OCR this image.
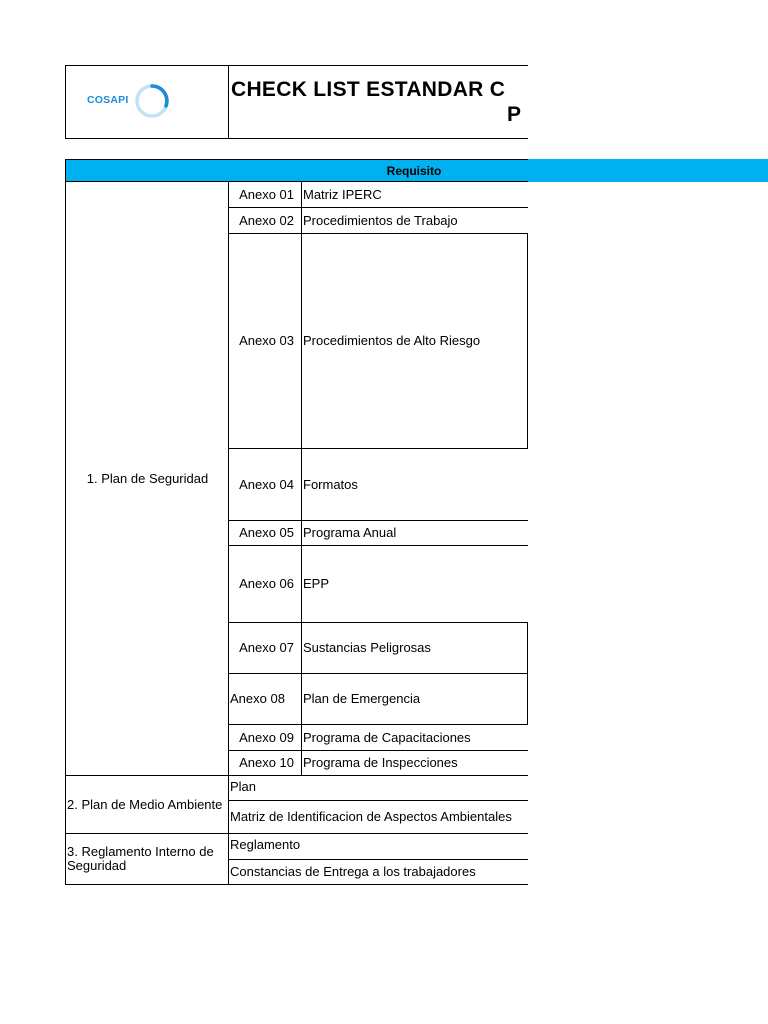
COSAPI	CHECK LIST ESTANDAR C
P
Requisito
1. Plan de Seguridad
Anexo 01 Matriz IPERC
Anexo 02 Procedimientos de Trabajo
Anexo 03 Procedimientos de Alto Riesgo
Anexo 04 Formatos
Anexo 05 Programa Anual
Anexo 06 EPP
Anexo 07 Sustancias Peligrosas
Anexo 08	Plan de Emergencia
Anexo 09 Programa de Capacitaciones
Anexo 10 Programa de Inspecciones
2. Plan de Medio Ambiente
Plan
Matriz de Identificacion de Aspectos Ambientales
3. Reglamento Interno de
Seguridad
Reglamento
Constancias de Entrega a los trabajadores
